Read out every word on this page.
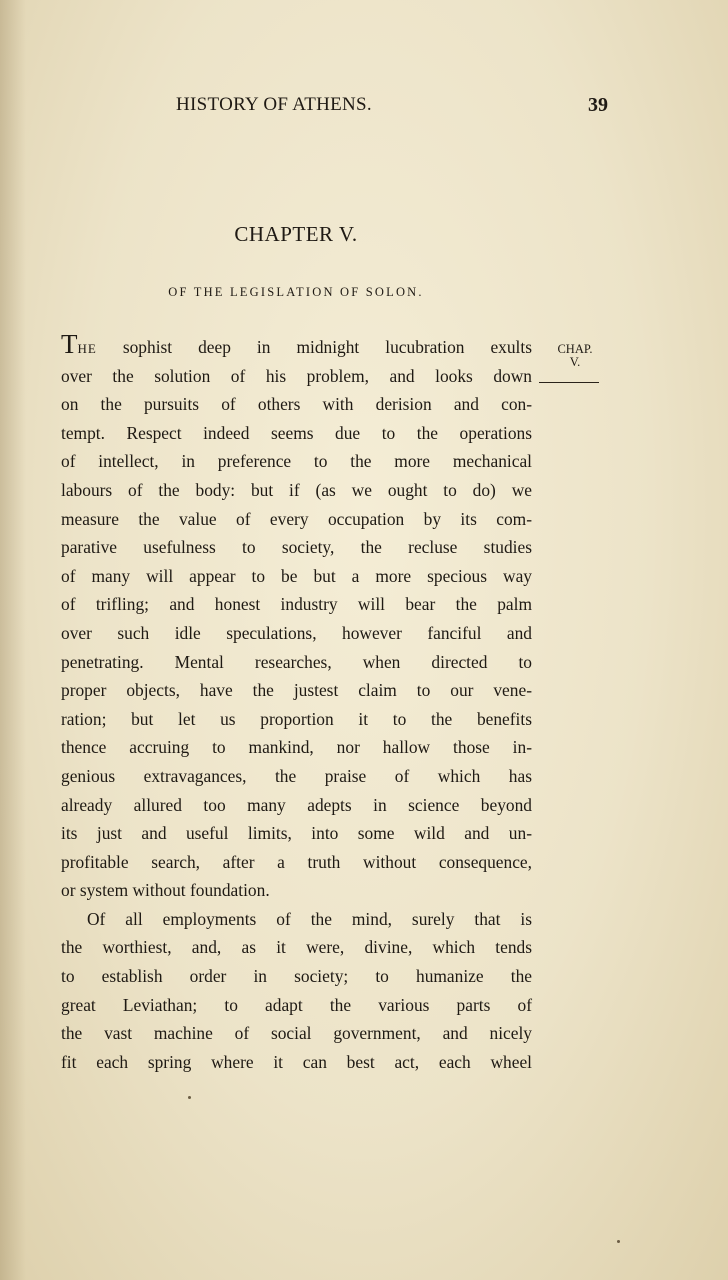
HISTORY OF ATHENS.	39
CHAPTER V.
OF THE LEGISLATION OF SOLON.
CHAP.
V.
THE sophist deep in midnight lucubration exults
over the solution of his problem, and looks down
on the pursuits of others with derision and con-
tempt. Respect indeed seems due to the operations
of intellect, in preference to the more mechanical
labours of the body: but if (as we ought to do) we
measure the value of every occupation by its com-
parative usefulness to society, the recluse studies
of many will appear to be but a more specious way
of trifling; and honest industry will bear the palm
over such idle speculations, however fanciful and
penetrating. Mental researches, when directed to
proper objects, have the justest claim to our vene-
ration; but let us proportion it to the benefits
thence accruing to mankind, nor hallow those in-
genious extravagances, the praise of which has
already allured too many adepts in science beyond
its just and useful limits, into some wild and un-
profitable search, after a truth without consequence,
or system without foundation.
Of all employments of the mind, surely that is
the worthiest, and, as it were, divine, which tends
to establish order in society; to humanize the
great Leviathan; to adapt the various parts of
the vast machine of social government, and nicely
fit each spring where it can best act, each wheel
